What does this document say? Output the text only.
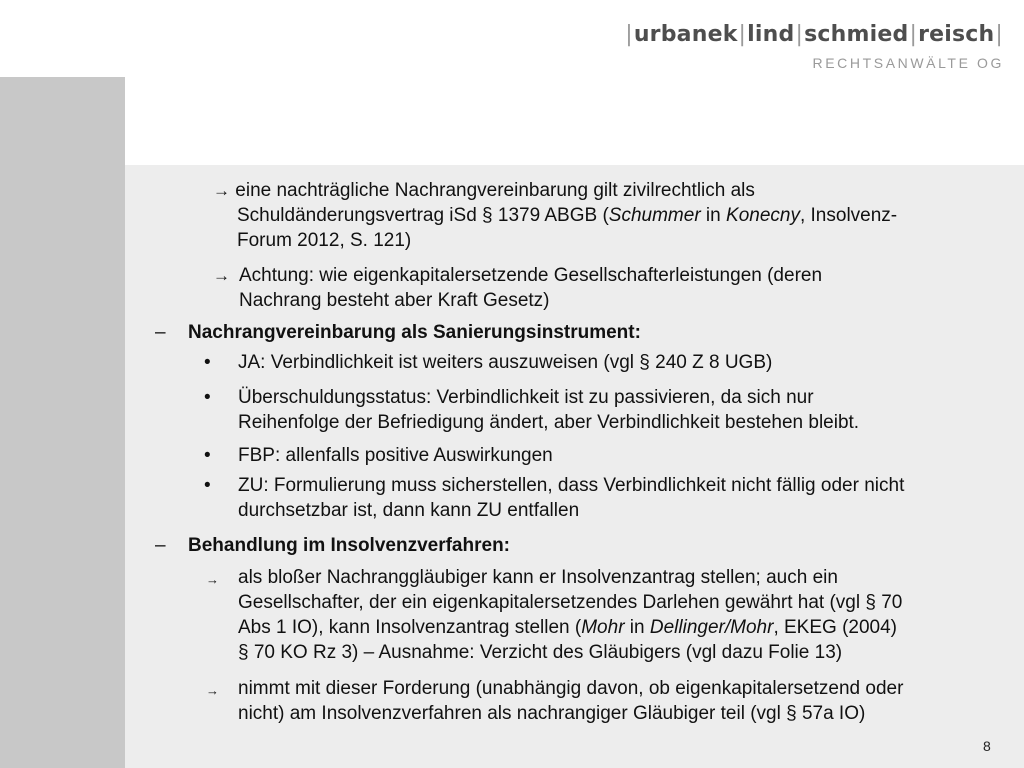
|urbanek|lind|schmied|reisch|
RECHTSANWÄLTE OG
→ eine nachträgliche Nachrangvereinbarung gilt zivilrechtlich als
Schuldänderungsvertrag iSd § 1379 ABGB (Schummer in Konecny, Insolvenz-
Forum 2012, S. 121)
→ Achtung: wie eigenkapitalersetzende Gesellschafterleistungen (deren
Nachrang besteht aber Kraft Gesetz)
–	Nachrangvereinbarung als Sanierungsinstrument:
•	JA: Verbindlichkeit ist weiters auszuweisen (vgl § 240 Z 8 UGB)
• Überschuldungsstatus: Verbindlichkeit ist zu passivieren, da sich nur
Reihenfolge der Befriedigung ändert, aber Verbindlichkeit bestehen bleibt.
•	FBP: allenfalls positive Auswirkungen
• ZU: Formulierung muss sicherstellen, dass Verbindlichkeit nicht fällig oder nicht
durchsetzbar ist, dann kann ZU entfallen
–	Behandlung im Insolvenzverfahren:
→ als bloßer Nachranggläubiger kann er Insolvenzantrag stellen; auch ein
Gesellschafter, der ein eigenkapitalersetzendes Darlehen gewährt hat (vgl § 70
Abs 1 IO), kann Insolvenzantrag stellen (Mohr in Dellinger/Mohr, EKEG (2004)
§ 70 KO Rz 3) – Ausnahme: Verzicht des Gläubigers (vgl dazu Folie 13)
→ nimmt mit dieser Forderung (unabhängig davon, ob eigenkapitalersetzend oder
nicht) am Insolvenzverfahren als nachrangiger Gläubiger teil (vgl § 57a IO)
8
